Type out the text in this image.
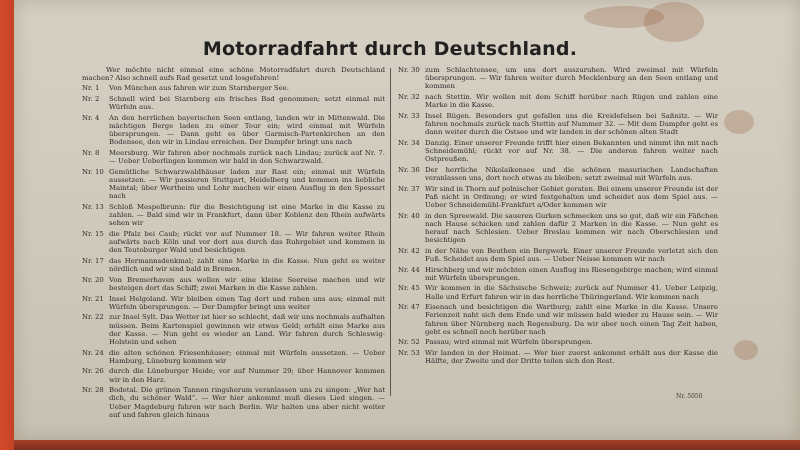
Motorradfahrt durch Deutschland.
Wer möchte nicht einmal eine schöne Motorradfahrt durch Deutschland machen? Also schnell aufs Rad gesetzt und losgefahren!
Nr. 1	Von München aus fahren wir zum Starnberger See.
Nr. 2	Schnell wird bei Starnberg ein frisches Bad genommen; setzt einmal mit Würfeln aus.
Nr. 4	An den herrlichen bayerischen Seen entlang, landen wir in Mittenwald. Die mächtigen Berge laden zu einer Tour ein; wird einmal mit Würfeln übersprungen. — Dann geht es über Garmisch-Partenkirchen an den Bodensee, den wir in Lindau erreichen. Der Dampfer bringt uns nach
Nr. 8	Meersburg. Wir fahren aber nochmals zurück nach Lindau; zurück auf Nr. 7. — Ueber Ueberlingen kommen wir bald in den Schwarzwald.
Nr. 10 Gemütliche Schwarzwaldhäuser laden zur Rast ein; einmal mit Würfeln aussetzen. — Wir passieren Stuttgart, Heidelberg und kommen ins liebliche Maintal; über Wertheim und Lohr machen wir einen Ausflug in den Spessart nach
Nr. 13 Schloß Mespelbrunn: für die Besichtigung ist eine Marke in die Kasse zu zahlen. — Bald sind wir in Frankfurt, dann über Koblenz den Rhein aufwärts sehen wir
Nr. 15 die Pfalz bei Caub; rückt vor auf Nummer 18. — Wir fahren weiter Rhein aufwärts nach Köln und vor dort aus durch das Ruhrgebiet und kommen in den Teutoburger Wald und besichtigen
Nr. 17 das Hermannsdenkmal; zahlt eine Marke in die Kasse. Nun geht es weiter nördlich und wir sind bald in Bremen.
Nr. 20 Von Bremerhaven aus wollen wir eine kleine Seereise machen und wir besteigen dort das Schiff; zwei Marken in die Kasse zahlen.
Nr. 21 Insel Helgoland. Wir bleiben einen Tag dort und ruhen uns aus; einmal mit Würfeln übersprungen. — Der Dampfer bringt uns weiter
Nr. 22 zur Insel Sylt. Das Wetter ist hier so schlecht, daß wir uns nochmals aufhalten müssen. Beim Kartenspiel gewinnen wir etwas Geld; erhält eine Marke aus der Kasse. — Nun geht es wieder an Land. Wir fahren durch Schleswig-Holstein und sehen
Nr. 24 die alten schönen Friesenhäuser; einmal mit Würfeln aussetzen. — Ueber Hamburg, Lüneburg kommen wir
Nr. 26 durch die Lüneburger Heide; vor auf Nummer 29; über Hannover kommen wir in den Harz.
Nr. 28 Bodetal. Die grünen Tannen ringsherum veranlassen uns zu singen: „Wer hat dich, du schöner Wald“. — Wer hier ankommt muß dieses Lied singen. — Ueber Magdeburg fahren wir nach Berlin. Wir halten uns aber nicht weiter auf und fahren gleich hinaus
Nr. 30 zum Schlachtensee, um uns dort auszuruhen. Wird zweimal mit Würfeln übersprungen. — Wir fahren weiter durch Mecklenburg an den Seen entlang und kommen
Nr. 32 nach Stettin. Wir wollen mit dem Schiff herüber nach Rügen und zahlen eine Marke in die Kasse.
Nr. 33 Insel Rügen. Besonders gut gefallen uns die Kreidefelsen bei Saßnitz. — Wir fahren nochmals zurück nach Stettin auf Nummer 32. — Mit dem Dampfer geht es dann weiter durch die Ostsee und wir landen in der schönen alten Stadt
Nr. 34 Danzig. Einer unserer Freunde trifft hier einen Bekannten und nimmt ihn mit nach Schneidemühl; rückt vor auf Nr. 38. — Die anderen fahren weiter nach Ostpreußen.
Nr. 36 Der herrliche Nikolaikensee und die schönen masurischen Landschaften veranlassen uns, dort noch etwas zu bleiben; setzt zweimal mit Würfeln aus.
Nr. 37 Wir sind in Thorn auf polnischer Gebiet geraten. Bei einem unserer Freunde ist der Paß nicht in Ordnung; er wird festgehalten und scheidet aus dem Spiel aus. — Ueber Schneidemühl-Frankfurt a/Oder kommen wir
Nr. 40 in den Spreewald. Die saueren Gurken schmecken uns so gut, daß wir ein Fäßchen nach Hause schicken und zahlen dafür 2 Marken in die Kasse. — Nun geht es herauf nach Schlesien. Ueber Breslau kommen wir nach Oberschlesien und besichtigen
Nr. 42 in der Nähe von Beuthen ein Bergwerk. Einer unserer Freunde verletzt sich den Fuß. Scheidet aus dem Spiel aus. — Ueber Neisse kommen wir nach
Nr. 44 Hirschberg und wir möchten einen Ausflug ins Riesengebirge machen; wird einmal mit Würfeln übersprungen.
Nr. 45 Wir kommen in die Sächsische Schweiz; zurück auf Nummer 41. Ueber Leipzig, Halle und Erfurt fahren wir in das herrliche Thüringerland. Wir kommen nach
Nr. 47 Eisenach und besichtigen die Wartburg; zahlt eine Marke in die Kasse. Unsere Ferienzeit naht sich dem Ende und wir müssen bald wieder zu Hause sein. — Wir fahren über Nürnberg nach Regensburg. Da wir aber noch einen Tag Zeit haben, geht es schnell noch herüber nach
Nr. 52 Passau; wird einmal mit Würfeln übersprungen.
Nr. 53 Wir landen in der Heimat. — Wer hier zuerst ankommt erhält aus der Kasse die Hälfte, der Zweite und der Dritte teilen sich den Rest.
Nr. 5050
